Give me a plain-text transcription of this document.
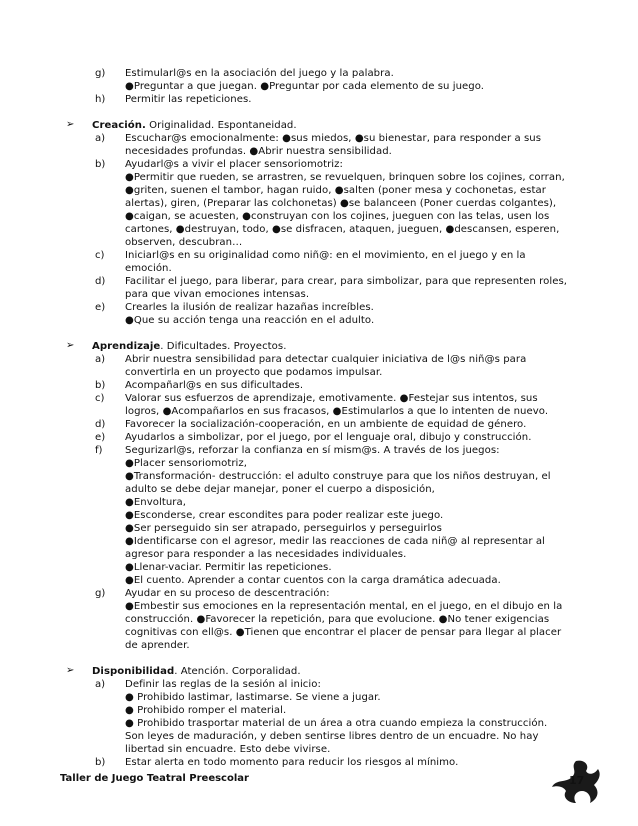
g) Estimularl@s en la asociación del juego y la palabra.
●Preguntar a que juegan. ●Preguntar por cada elemento de su juego.
h) Permitir las repeticiones.
➢ Creación. Originalidad. Espontaneidad.
a) Escuchar@s emocionalmente: ●sus miedos, ●su bienestar, para responder a sus
necesidades profundas. ●Abrir nuestra sensibilidad.
b) Ayudarl@s a vivir el placer sensoriomotriz:
●Permitir que rueden, se arrastren, se revuelquen, brinquen sobre los cojines, corran,
●griten, suenen el tambor, hagan ruido, ●salten (poner mesa y cochonetas, estar
alertas), giren, (Preparar las colchonetas) ●se balanceen (Poner cuerdas colgantes),
●caigan, se acuesten, ●construyan con los cojines, jueguen con las telas, usen los
cartones, ●destruyan, todo, ●se disfracen, ataquen, jueguen, ●descansen, esperen,
observen, descubran…
c) Iniciarl@s en su originalidad como niñ@: en el movimiento, en el juego y en la
emoción.
d) Facilitar el juego, para liberar, para crear, para simbolizar, para que representen roles,
para que vivan emociones intensas.
e) Crearles la ilusión de realizar hazañas increíbles.
●Que su acción tenga una reacción en el adulto.
➢ Aprendizaje. Dificultades. Proyectos.
a) Abrir nuestra sensibilidad para detectar cualquier iniciativa de l@s niñ@s para
convertirla en un proyecto que podamos impulsar.
b) Acompañarl@s en sus dificultades.
c) Valorar sus esfuerzos de aprendizaje, emotivamente. ●Festejar sus intentos, sus
logros, ●Acompañarlos en sus fracasos, ●Estimularlos a que lo intenten de nuevo.
d) Favorecer la socialización-cooperación, en un ambiente de equidad de género.
e) Ayudarlos a simbolizar, por el juego, por el lenguaje oral, dibujo y construcción.
f) Segurizarl@s, reforzar la confianza en sí mism@s. A través de los juegos:
●Placer sensoriomotriz,
●Transformación- destrucción: el adulto construye para que los niños destruyan, el
adulto se debe dejar manejar, poner el cuerpo a disposición,
●Envoltura,
●Esconderse, crear escondites para poder realizar este juego.
●Ser perseguido sin ser atrapado, perseguirlos y perseguirlos
●Identificarse con el agresor, medir las reacciones de cada niñ@ al representar al
agresor para responder a las necesidades individuales.
●Llenar-vaciar. Permitir las repeticiones.
●El cuento. Aprender a contar cuentos con la carga dramática adecuada.
g) Ayudar en su proceso de descentración:
●Embestir sus emociones en la representación mental, en el juego, en el dibujo en la
construcción. ●Favorecer la repetición, para que evolucione. ●No tener exigencias
cognitivas con ell@s. ●Tienen que encontrar el placer de pensar para llegar al placer
de aprender.
➢ Disponibilidad. Atención. Corporalidad.
a) Definir las reglas de la sesión al inicio:
● Prohibido lastimar, lastimarse. Se viene a jugar.
● Prohibido romper el material.
● Prohibido trasportar material de un área a otra cuando empieza la construcción.
Son leyes de maduración, y deben sentirse libres dentro de un encuadre. No hay
libertad sin encuadre. Esto debe vivirse.
b) Estar alerta en todo momento para reducir los riesgos al mínimo.
Taller de Juego Teatral Preescolar	17
